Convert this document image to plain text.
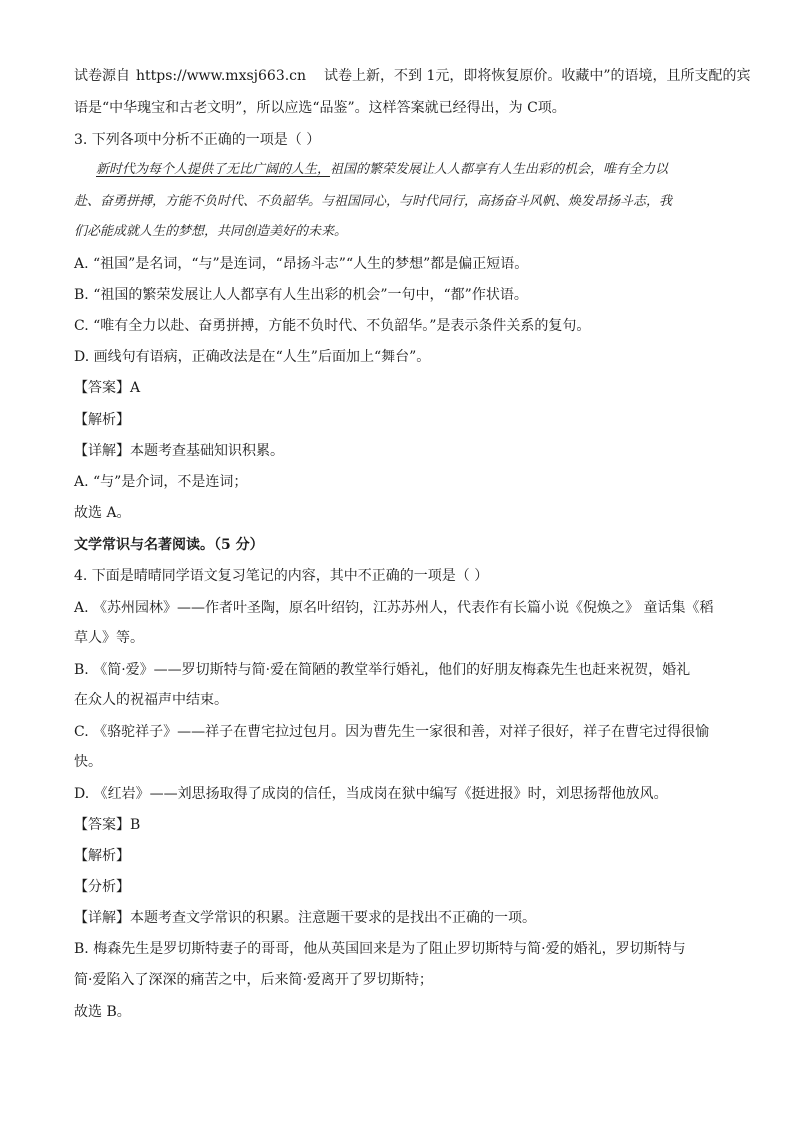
试卷源自 https://www.mxsj663.cn 试卷上新，不到 1元，即将恢复原价。收藏中”的语境，且所支配的宾
语是“中华瑰宝和古老文明”，所以应选“品鉴”。这样答案就已经得出，为 C项。
3. 下列各项中分析不正确的一项是（ ）
新时代为每个人提供了无比广阔的人生，祖国的繁荣发展让人人都享有人生出彩的机会，唯有全力以
赴、奋勇拼搏，方能不负时代、不负韶华。与祖国同心，与时代同行，高扬奋斗风帆、焕发昂扬斗志，我
们必能成就人生的梦想，共同创造美好的未来。
A. “祖国”是名词，“与”是连词，“昂扬斗志”“人生的梦想”都是偏正短语。
B. “祖国的繁荣发展让人人都享有人生出彩的机会”一句中，“都”作状语。
C. “唯有全力以赴、奋勇拼搏，方能不负时代、不负韶华。”是表示条件关系的复句。
D. 画线句有语病，正确改法是在“人生”后面加上“舞台”。
【答案】A
【解析】
【详解】本题考查基础知识积累。
A. “与”是介词，不是连词；
故选 A。
文学常识与名著阅读。（5 分）
4. 下面是晴晴同学语文复习笔记的内容，其中不正确的一项是（ ）
A. 《苏州园林》——作者叶圣陶，原名叶绍钧，江苏苏州人，代表作有长篇小说《倪焕之》 童话集《稻
草人》等。
B. 《简·爱》——罗切斯特与简·爱在简陋的教堂举行婚礼，他们的好朋友梅森先生也赶来祝贺，婚礼
在众人的祝福声中结束。
C. 《骆驼祥子》——祥子在曹宅拉过包月。因为曹先生一家很和善，对祥子很好，祥子在曹宅过得很愉
快。
D. 《红岩》——刘思扬取得了成岗的信任，当成岗在狱中编写《挺进报》时，刘思扬帮他放风。
【答案】B
【解析】
【分析】
【详解】本题考查文学常识的积累。注意题干要求的是找出不正确的一项。
B. 梅森先生是罗切斯特妻子的哥哥，他从英国回来是为了阻止罗切斯特与简·爱的婚礼，罗切斯特与
简·爱陷入了深深的痛苦之中，后来简·爱离开了罗切斯特；
故选 B。
